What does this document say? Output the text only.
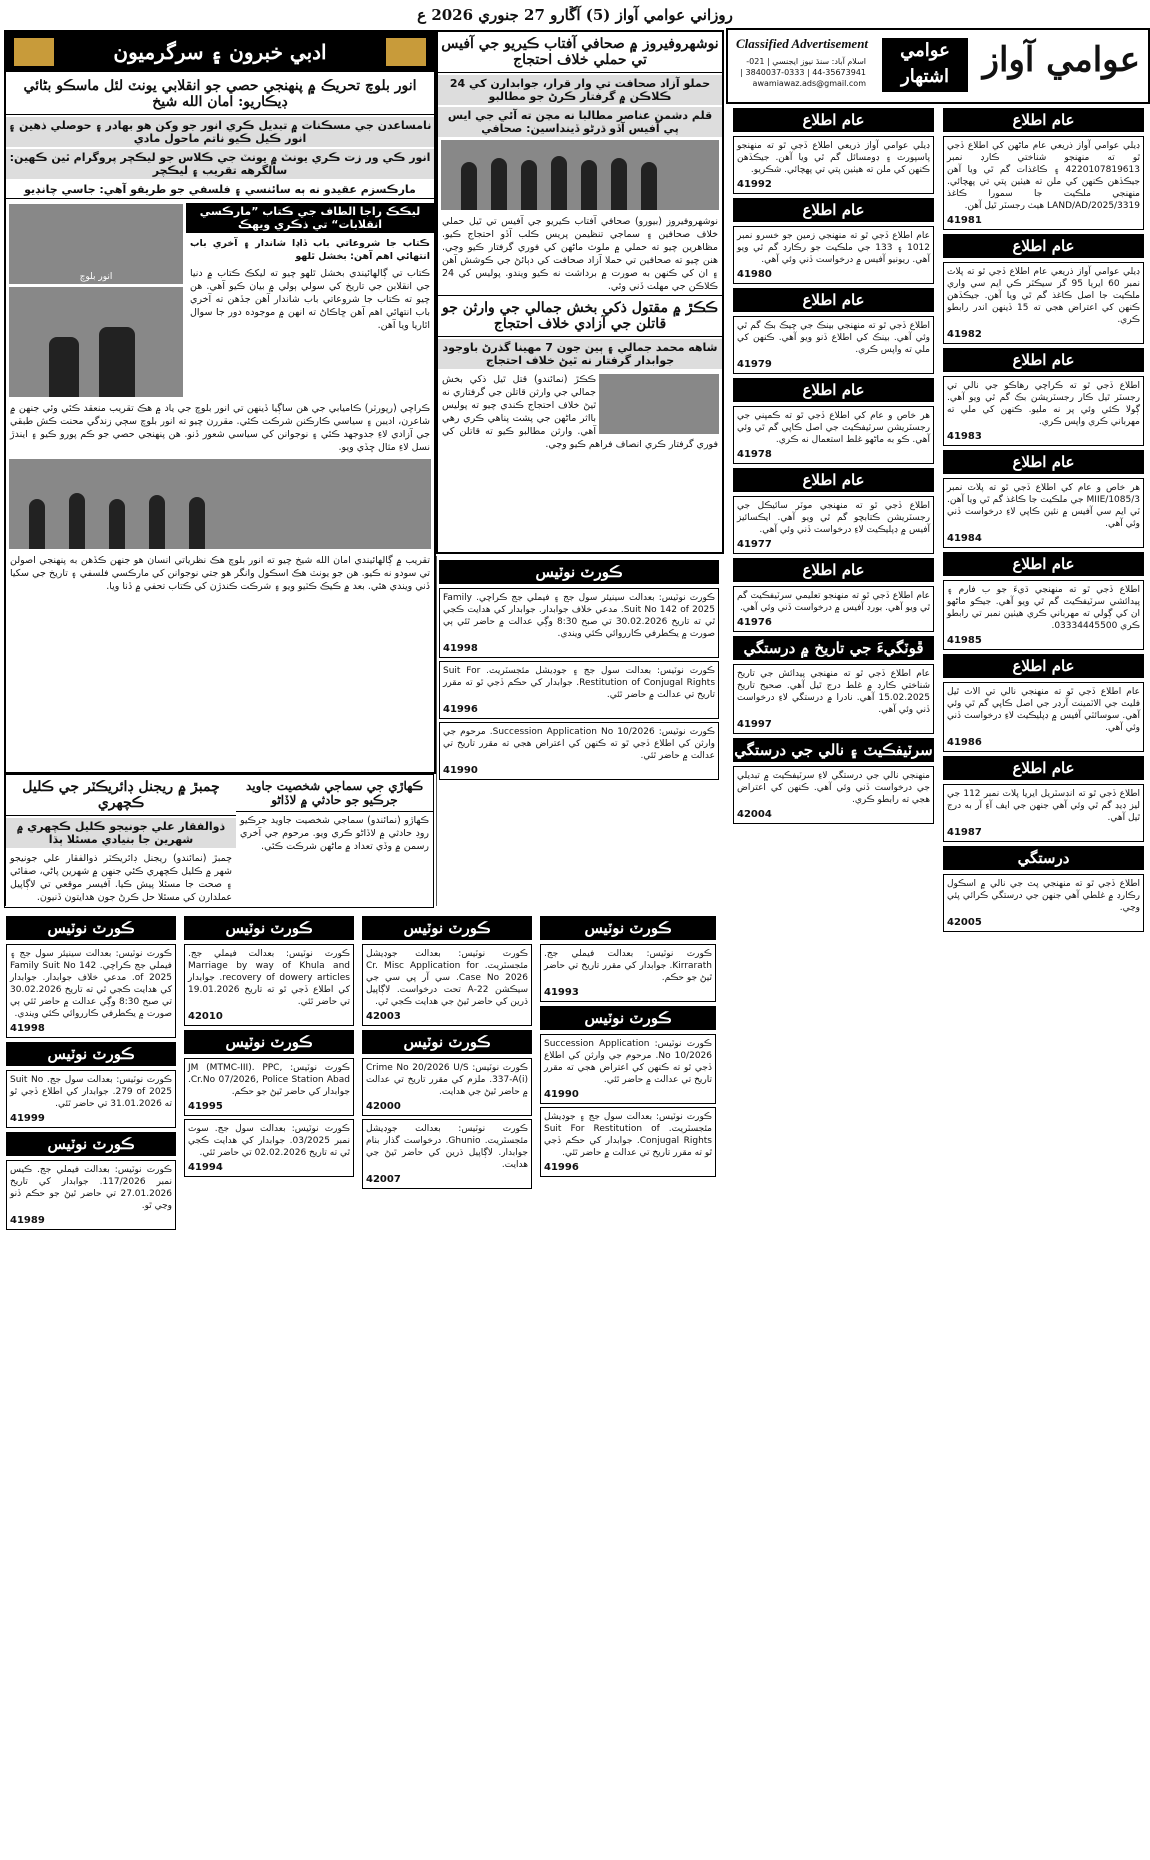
روزاني عوامي آواز (5) آڱارو 27 جنوري 2026 ع
عوامي آواز
عوامي اشتهار
Classified Advertisement
اسلام آباد: سنڌ نيوز ايجنسي | 021-35673941-44 | 0333-3840037 | awamiawaz.ads@gmail.com
ادبي خبرون ۽ سرگرميون
انور بلوچ تحريڪ ۾ پنهنجي حصي جو انقلابي يونٽ لئل ماسڪو بڻائي ڊيڪاريو: امان الله شيخ
نامساعدن جي مسڪنات ۾ تبديل ڪري انور جو وکن هو بهادر ۽ حوصلي ذهين ۽ انور ڪيل ڪيو ناتم ماحول مادي
انور ڪي ور زت ڪري يونٽ ۾ يونٽ جي ڪلاس جو ليڪچر پروگرام ٿين ڪهين: سالگرهه تقريب ۽ ليڪچر
مارڪسزم عقيدو نه ٻه سائنسي ۽ فلسفي جو طريقو آهي: جاسي چانڊيو
انور بلوچ
ليڪڪ راجا الطاف جي ڪتاب ”مارڪسي انقلابات“ تي ذڪري ويهڪ
ڪتاب جا شروعاتي باب ڏاڍا شاندار ۽ آخري باب انتهائي اهم آهن: بخشل ٿلهو
ڪتاب تي ڳالهائيندي بخشل ٿلهو چيو ته ليکڪ ڪتاب ۾ دنيا جي انقلابن جي تاريخ کي سولي ٻولي ۾ بيان ڪيو آهي. هن چيو ته ڪتاب جا شروعاتي باب شاندار آهن جڏهن ته آخري باب انتهائي اهم آهن ڇاڪاڻ ته انهن ۾ موجوده دور جا سوال اٿاريا ويا آهن.
ڪراچي (رپورٽر) ڪاميابي جي هن ساڳيا ڏينهن تي انور بلوچ جي ياد ۾ هڪ تقريب منعقد ڪئي وئي جنهن ۾ شاعرن، اديبن ۽ سياسي ڪارڪنن شرڪت ڪئي. مقررن چيو ته انور بلوچ سڄي زندگي محنت ڪش طبقي جي آزادي لاءِ جدوجهد ڪئي ۽ نوجوانن کي سياسي شعور ڏنو. هن پنهنجي حصي جو ڪم پورو ڪيو ۽ ايندڙ نسل لاءِ مثال ڇڏي ويو.
تقريب ۾ ڳالهائيندي امان الله شيخ چيو ته انور بلوچ هڪ نظرياتي انسان هو جنهن ڪڏهن به پنهنجي اصولن تي سودو نه ڪيو. هن جو يونٽ هڪ اسڪول وانگر هو جتي نوجوانن کي مارڪسي فلسفي ۽ تاريخ جي سکيا ڏني ويندي هئي. بعد ۾ ڪيڪ ڪٽيو ويو ۽ شرڪت ڪندڙن کي ڪتاب تحفي ۾ ڏنا ويا.
نوشهروفيروز ۾ صحافي آفتاب ڪيريو جي آفيس تي حملي خلاف احتجاج
حملو آزاد صحافت تي وار قرار، جوابدارن کي 24 ڪلاڪن ۾ گرفتار ڪرڻ جو مطالبو
قلم دشمن عناصر مطالبا نه مڃن ته آئي جي ايس پي آفيس آڏو ڌرڻو ڏينداسين: صحافي
نوشهروفيروز (بيورو) صحافي آفتاب ڪيريو جي آفيس تي ٿيل حملي خلاف صحافين ۽ سماجي تنظيمن پريس ڪلب آڏو احتجاج ڪيو. مظاهرين چيو ته حملي ۾ ملوث ماڻهن کي فوري گرفتار ڪيو وڃي. هنن چيو ته صحافين تي حملا آزاد صحافت کي دٻائڻ جي ڪوشش آهن ۽ ان کي ڪنهن به صورت ۾ برداشت نه ڪيو ويندو. پوليس کي 24 ڪلاڪن جي مهلت ڏني وئي.
ڪڪڙ ۾ مقتول ذکي بخش جمالي جي وارثن جو قاتلن جي آزادي خلاف احتجاج
شاهه محمد جمالي ۽ ٻين جون 7 مهينا گذرڻ باوجود جوابدار گرفتار نه ٿيڻ خلاف احتجاج
ڪڪڙ (نمائندو) قتل ٿيل ذکي بخش جمالي جي وارثن قاتلن جي گرفتاري نه ٿيڻ خلاف احتجاج ڪندي چيو ته پوليس بااثر ماڻهن جي پشت پناهي ڪري رهي آهي. وارثن مطالبو ڪيو ته قاتلن کي فوري گرفتار ڪري انصاف فراهم ڪيو وڃي.
ڪورٽ نوٽيس

ڪورٽ نوٽيس: بعدالت سينيئر سول جج ۽ فيملي جج ڪراچي. Family Suit No 142 of 2025. مدعي خلاف جوابدار. جوابدار کي هدايت ڪجي ٿي ته تاريخ 30.02.2026 تي صبح 8:30 وڳي عدالت ۾ حاضر ٿئي ٻي صورت ۾ يڪطرفي ڪارروائي ڪئي ويندي.

41998

ڪورٽ نوٽيس: بعدالت سول جج ۽ جوڊيشل مئجسٽريٽ. Suit For Restitution of Conjugal Rights. جوابدار کي حڪم ڏجي ٿو ته مقرر تاريخ تي عدالت ۾ حاضر ٿئي.

41996

ڪورٽ نوٽيس: Succession Application No 10/2026. مرحوم جي وارثن کي اطلاع ڏجي ٿو ته ڪنهن کي اعتراض هجي ته مقرر تاريخ تي عدالت ۾ حاضر ٿئي.

41990
چمبڙ ۾ ريجنل ڊائريڪٽر جي ڪليل ڪچهري
ذوالفقار علي جونيجو ڪليل ڪچهري ۾ شهرين جا بنيادي مسئلا ٻڌا
چمبڙ (نمائندو) ريجنل ڊائريڪٽر ذوالفقار علي جونيجو شهر ۾ ڪليل ڪچهري ڪئي جنهن ۾ شهرين پاڻي، صفائي ۽ صحت جا مسئلا پيش ڪيا. آفيسر موقعي تي لاڳاپيل عملدارن کي مسئلا حل ڪرڻ جون هدايتون ڏنيون.
ڪهاڙي جي سماجي شخصيت جاويد جرڪيو جو حادثي ۾ لاڏاڻو
ڪهاڙو (نمائندو) سماجي شخصيت جاويد جرڪيو روڊ حادثي ۾ لاڏاڻو ڪري ويو. مرحوم جي آخري رسمن ۾ وڏي تعداد ۾ ماڻهن شرڪت ڪئي.
ڪورٽ نوٽيس

ڪورٽ نوٽيس: بعدالت سينيئر سول جج ۽ فيملي جج ڪراچي. Family Suit No 142 of 2025. مدعي خلاف جوابدار. جوابدار کي هدايت ڪجي ٿي ته تاريخ 30.02.2026 تي صبح 8:30 وڳي عدالت ۾ حاضر ٿئي ٻي صورت ۾ يڪطرفي ڪارروائي ڪئي ويندي.

41998
ڪورٽ نوٽيس

ڪورٽ نوٽيس: بعدالت سول جج. Suit No 279 of 2025. جوابدار کي اطلاع ڏجي ٿو ته 31.01.2026 تي حاضر ٿئي.

41999
ڪورٽ نوٽيس

ڪورٽ نوٽيس: بعدالت فيملي جج. ڪيس نمبر 117/2026. جوابدار کي تاريخ 27.01.2026 تي حاضر ٿيڻ جو حڪم ڏنو وڃي ٿو.

41989
ڪورٽ نوٽيس

ڪورٽ نوٽيس: بعدالت فيملي جج. Marriage by way of Khula and recovery of dowery articles. جوابدار کي اطلاع ڏجي ٿو ته تاريخ 19.01.2026 تي حاضر ٿئي.

42010
ڪورٽ نوٽيس

ڪورٽ نوٽيس: JM (MTMC-III). PPC, Cr.No 07/2026, Police Station Abad. جوابدار کي حاضر ٿيڻ جو حڪم.

41995

ڪورٽ نوٽيس: بعدالت سول جج. سوٽ نمبر 03/2025. جوابدار کي هدايت ڪجي ٿي ته تاريخ 02.02.2026 تي حاضر ٿئي.

41994
ڪورٽ نوٽيس

ڪورٽ نوٽيس: بعدالت جوڊيشل مئجسٽريٽ. Cr. Misc Application for Case No 2026. سي آر پي سي جي سيڪشن 22-A تحت درخواست. لاڳاپيل ڌرين کي حاضر ٿيڻ جي هدايت ڪجي ٿي.

42003
ڪورٽ نوٽيس

ڪورٽ نوٽيس: Crime No 20/2026 U/S 337-A(i). ملزم کي مقرر تاريخ تي عدالت ۾ حاضر ٿيڻ جي هدايت.

42000

ڪورٽ نوٽيس: بعدالت جوڊيشل مئجسٽريٽ. Ghunio. درخواست گذار بنام جوابدار. لاڳاپيل ڌرين کي حاضر ٿيڻ جي هدايت.

42007
ڪورٽ نوٽيس

ڪورٽ نوٽيس: بعدالت فيملي جج. Kirrarath. جوابدار کي مقرر تاريخ تي حاضر ٿيڻ جو حڪم.

41993
ڪورٽ نوٽيس

ڪورٽ نوٽيس: Succession Application No 10/2026. مرحوم جي وارثن کي اطلاع ڏجي ٿو ته ڪنهن کي اعتراض هجي ته مقرر تاريخ تي عدالت ۾ حاضر ٿئي.

41990

ڪورٽ نوٽيس: بعدالت سول جج ۽ جوڊيشل مئجسٽريٽ. Suit For Restitution of Conjugal Rights. جوابدار کي حڪم ڏجي ٿو ته مقرر تاريخ تي عدالت ۾ حاضر ٿئي.

41996
عام اطلاع

ڊيلي عوامي آواز ذريعي عام ماڻهن کي اطلاع ڏجي ٿو ته منهنجو شناختي ڪارڊ نمبر 4220107819613 ۽ ڪاغذات گم ٿي ويا آهن جيڪڏهن ڪنهن کي ملن ته هيٺين پتي تي پهچائي. منهنجي ملڪيت جا سمورا ڪاغذ LAND/AD/2025/3319 هيٺ رجسٽر ٿيل آهن.

41981
عام اطلاع

ڊيلي عوامي آواز ذريعي عام اطلاع ڏجي ٿو ته پلاٽ نمبر 60 ايريا 95 گز سيڪٽر ڪي ايم سي واري ملڪيت جا اصل ڪاغذ گم ٿي ويا آهن. جيڪڏهن ڪنهن کي اعتراض هجي ته 15 ڏينهن اندر رابطو ڪري.

41982
عام اطلاع

اطلاع ڏجي ٿو ته ڪراچي رهاڪو جي نالي تي رجسٽر ٿيل ڪار رجسٽريشن بڪ گم ٿي ويو آهي. ڳولا ڪئي وئي پر نه مليو. ڪنهن کي ملي ته مهرباني ڪري واپس ڪري.

41983
عام اطلاع

هر خاص و عام کي اطلاع ڏجي ٿو ته پلاٽ نمبر MIIE/1085/3 جي ملڪيت جا ڪاغذ گم ٿي ويا آهن. ٽي ايم سي آفيس ۾ نئين ڪاپي لاءِ درخواست ڏني وئي آهي.

41984
عام اطلاع

اطلاع ڏجي ٿو ته منهنجي ڌيءَ جو ب فارم ۽ پيدائشي سرٽيفڪيٽ گم ٿي ويو آهي. جيڪو ماڻهو ان کي ڳولي ته مهرباني ڪري هيٺين نمبر تي رابطو ڪري 03334445500.

41985
عام اطلاع

عام اطلاع ڏجي ٿو ته منهنجي نالي تي الاٽ ٿيل فليٽ جي الاٽمينٽ آرڊر جي اصل ڪاپي گم ٿي وئي آهي. سوسائٽي آفيس ۾ ڊپليڪيٽ لاءِ درخواست ڏني وئي آهي.

41986
عام اطلاع

اطلاع ڏجي ٿو ته انڊسٽريل ايريا پلاٽ نمبر 112 جي ليز ڊيڊ گم ٿي وئي آهي جنهن جي ايف آءِ آر به درج ٿيل آهي.

41987
درستگي

اطلاع ڏجي ٿو ته منهنجي پٽ جي نالي ۾ اسڪول رڪارڊ ۾ غلطي آهي جنهن جي درستگي ڪرائي پئي وڃي.

42005
عام اطلاع

ڊيلي عوامي آواز ذريعي اطلاع ڏجي ٿو ته منهنجو پاسپورٽ ۽ ڊومسائل گم ٿي ويا آهن. جيڪڏهن ڪنهن کي ملن ته هيٺين پتي تي پهچائي. شڪريو.

41992
عام اطلاع

عام اطلاع ڏجي ٿو ته منهنجي زمين جو خسرو نمبر 1012 ۽ 133 جي ملڪيت جو رڪارڊ گم ٿي ويو آهي. ريونيو آفيس ۾ درخواست ڏني وئي آهي.

41980
عام اطلاع

اطلاع ڏجي ٿو ته منهنجي بينڪ جي چيڪ بڪ گم ٿي وئي آهي. بينڪ کي اطلاع ڏنو ويو آهي. ڪنهن کي ملي ته واپس ڪري.

41979
عام اطلاع

هر خاص و عام کي اطلاع ڏجي ٿو ته ڪمپني جي رجسٽريشن سرٽيفڪيٽ جي اصل ڪاپي گم ٿي وئي آهي. ڪو به ماڻهو غلط استعمال نه ڪري.

41978
عام اطلاع

اطلاع ڏجي ٿو ته منهنجي موٽر سائيڪل جي رجسٽريشن ڪتابچو گم ٿي ويو آهي. ايڪسائيز آفيس ۾ ڊپليڪيٽ لاءِ درخواست ڏني وئي آهي.

41977
عام اطلاع

عام اطلاع ڏجي ٿو ته منهنجو تعليمي سرٽيفڪيٽ گم ٿي ويو آهي. بورڊ آفيس ۾ درخواست ڏني وئي آهي.

41976
ڦوٽگيءَ جي تاريخ ۾ درستگي

عام اطلاع ڏجي ٿو ته منهنجي پيدائش جي تاريخ شناختي ڪارڊ ۾ غلط درج ٿيل آهي. صحيح تاريخ 15.02.2025 آهي. نادرا ۾ درستگي لاءِ درخواست ڏني وئي آهي.

41997
سرٽيفڪيٽ ۽ نالي جي درستگي

منهنجي نالي جي درستگي لاءِ سرٽيفڪيٽ ۾ تبديلي جي درخواست ڏني وئي آهي. ڪنهن کي اعتراض هجي ته رابطو ڪري.

42004
